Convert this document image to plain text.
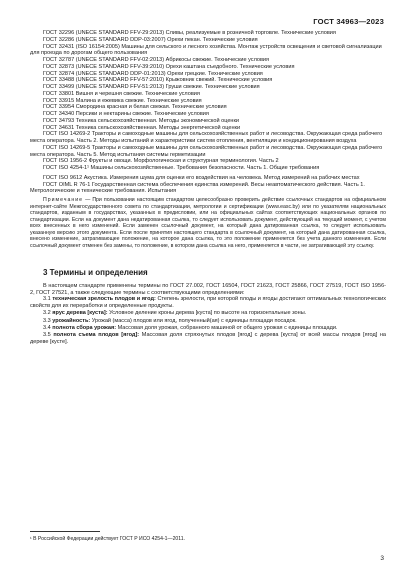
ГОСТ 34963—2023

ГОСТ 32296 (UNECE STANDARD FFV-29:2013) Сливы, реализуемые в розничной торговле. Технические условия

ГОСТ 32286 (UNECE STANDARD DDP-03:2007) Орехи пекан. Технические условия

ГОСТ 32431 (ISO 16154:2005) Машины для сельского и лесного хозяйства. Монтаж устройств освещения и световой сигнализации для проезда по дорогам общего пользования

ГОСТ 32787 (UNECE STANDARD FFV-02:2013) Абрикосы свежие. Технические условия

ГОСТ 32873 (UNECE STANDARD FFV-39:2010) Орехи каштана съедобного. Технические условия

ГОСТ 32874 (UNECE STANDARD DDP-01:2013) Орехи грецкие. Технические условия

ГОСТ 33488 (UNECE STANDARD FFV-57:2010) Крыжовник свежий. Технические условия

ГОСТ 33499 (UNECE STANDARD FFV-51:2013) Груши свежие. Технические условия

ГОСТ 33801 Вишня и черешня свежие. Технические условия

ГОСТ 33915 Малина и ежевика свежие. Технические условия

ГОСТ 33954 Смородина красная и белая свежая. Технические условия

ГОСТ 34340 Персики и нектарины свежие. Технические условия

ГОСТ 34793 Техника сельскохозяйственная. Методы экономической оценки

ГОСТ 34631 Техника сельскохозяйственная. Методы энергетической оценки

ГОСТ ISO 14269-2 Тракторы и самоходные машины для сельскохозяйственных работ и лесоводства. Окружающая среда рабочего места оператора. Часть 2. Методы испытаний и характеристики систем отопления, вентиляции и кондиционирования воздуха

ГОСТ ISO 14269-5 Тракторы и самоходные машины для сельскохозяйственных работ и лесоводства. Окружающая среда рабочего места оператора. Часть 5. Метод испытания системы герметизации

ГОСТ ISO 1956-2 Фрукты и овощи. Морфологическая и структурная терминология. Часть 2

ГОСТ ISO 4254-1¹ Машины сельскохозяйственные. Требования безопасности. Часть 1. Общие требования

ГОСТ ISO 9612 Акустика. Измерения шума для оценки его воздействия на человека. Метод измерений на рабочих местах

ГОСТ OIML R 76-1 Государственная система обеспечения единства измерений. Весы неавтоматического действия. Часть 1. Метрологические и технические требования. Испытания

Примечание — При пользовании настоящим стандартом целесообразно проверить действие ссылочных стандартов на официальном интернет-сайте Межгосударственного совета по стандартизации, метрологии и сертификации (www.easc.by) или по указателям национальных стандартов, изданным в государствах, указанных в предисловии, или на официальных сайтах соответствующих национальных органов по стандартизации. Если на документ дана недатированная ссылка, то следует использовать документ, действующий на текущий момент, с учетом всех внесенных в него изменений. Если заменен ссылочный документ, на который дана датированная ссылка, то следует использовать указанную версию этого документа. Если после принятия настоящего стандарта в ссылочный документ, на который дана датированная ссылка, внесено изменение, затрагивающее положение, на которое дана ссылка, то это положение применяется без учета данного изменения. Если ссылочный документ отменен без замены, то положение, в котором дана ссылка на него, применяется в части, не затрагивающей эту ссылку.

3 Термины и определения

В настоящем стандарте применены термины по ГОСТ 27.002, ГОСТ 16504, ГОСТ 21623, ГОСТ 25866, ГОСТ 27519, ГОСТ ISO 1956-2, ГОСТ 27521, а также следующие термины с соответствующими определениями:

3.1 техническая зрелость плодов и ягод: Степень зрелости, при которой плоды и ягоды достигают оптимальных технологических свойств для их переработки и определенные продукты.

3.2 ярус дерева [куста]: Условное деление кроны дерева [куста] по высоте на горизонтальные зоны.

3.3 урожайность: Урожай (масса) плодов или ягод, полученный(ая) с единицы площади посадок.

3.4 полнота сбора урожая: Массовая доля урожая, собранного машиной от общего урожая с единицы площади.

3.5 полнота съема плодов [ягод]: Массовая доля стряхнутых плодов [ягод] с дерева [куста] от всей массы плодов [ягод] на дереве [кусте].

¹ В Российской Федерации действует ГОСТ Р ИСО 4254-1—2011.
3
